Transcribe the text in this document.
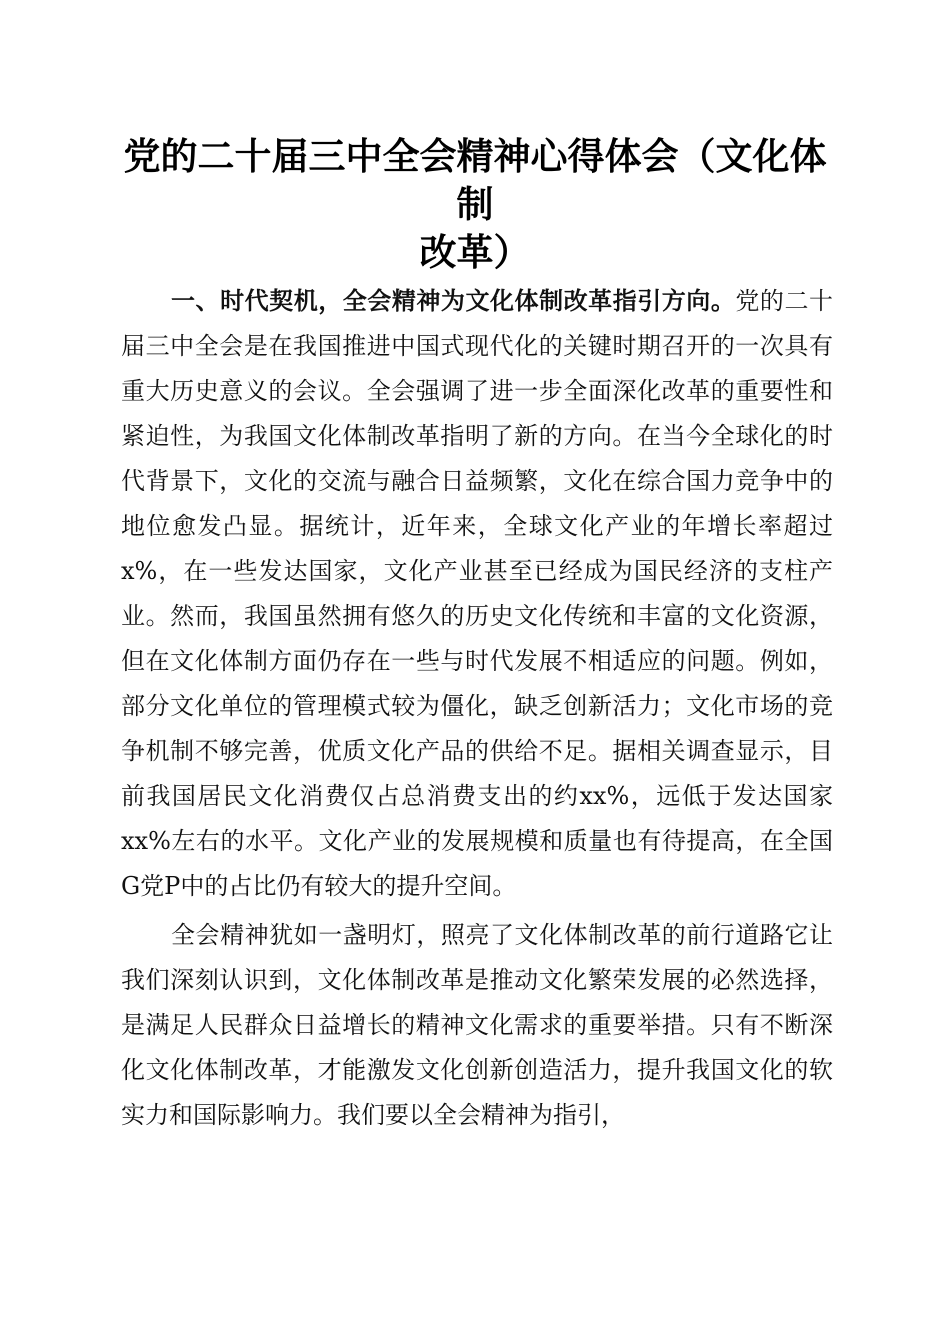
党的二十届三中全会精神心得体会（文化体制
改革）

一、时代契机，全会精神为文化体制改革指引方向。党的二十届三中全会是在我国推进中国式现代化的关键时期召开的一次具有重大历史意义的会议。全会强调了进一步全面深化改革的重要性和紧迫性，为我国文化体制改革指明了新的方向。在当今全球化的时代背景下，文化的交流与融合日益频繁，文化在综合国力竞争中的地位愈发凸显。据统计，近年来，全球文化产业的年增长率超过x%，在一些发达国家，文化产业甚至已经成为国民经济的支柱产业。然而，我国虽然拥有悠久的历史文化传统和丰富的文化资源，但在文化体制方面仍存在一些与时代发展不相适应的问题。例如，部分文化单位的管理模式较为僵化，缺乏创新活力；文化市场的竞争机制不够完善，优质文化产品的供给不足。据相关调查显示，目前我国居民文化消费仅占总消费支出的约xx%，远低于发达国家xx%左右的水平。文化产业的发展规模和质量也有待提高，在全国G党P中的占比仍有较大的提升空间。

全会精神犹如一盏明灯，照亮了文化体制改革的前行道路它让我们深刻认识到，文化体制改革是推动文化繁荣发展的必然选择，是满足人民群众日益增长的精神文化需求的重要举措。只有不断深化文化体制改革，才能激发文化创新创造活力，提升我国文化的软实力和国际影响力。我们要以全会精神为指引，
